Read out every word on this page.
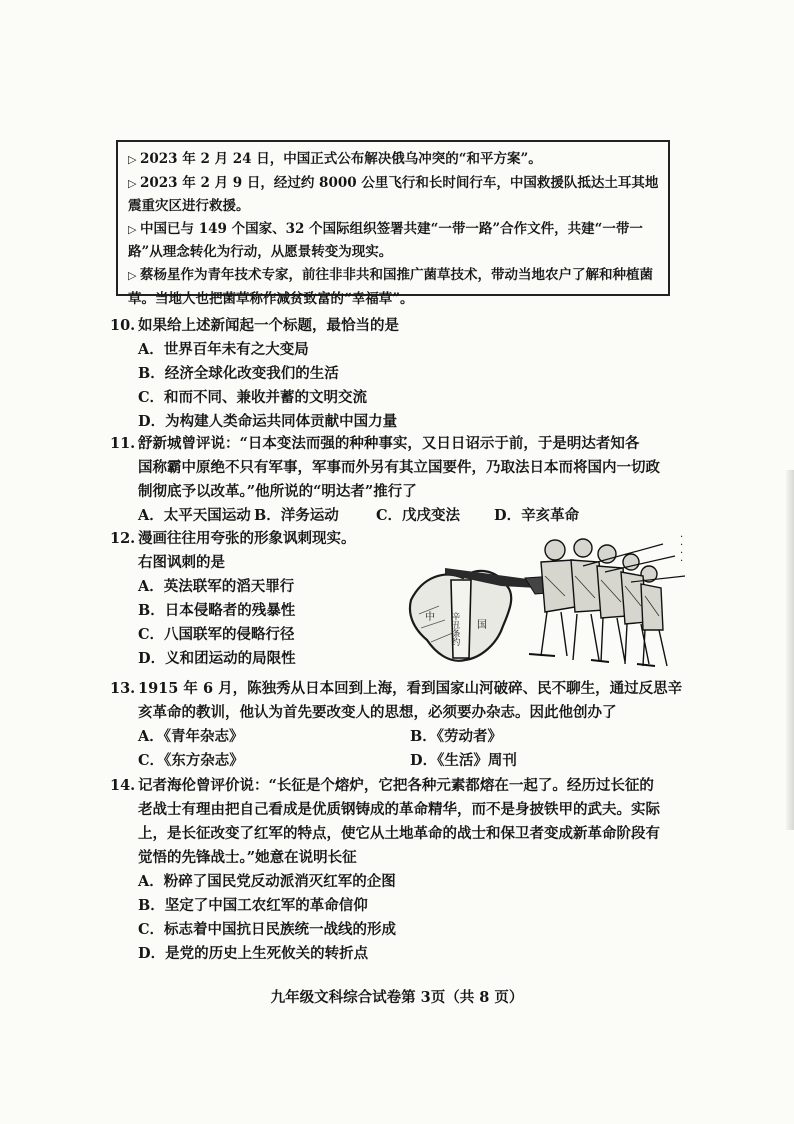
▷ 2023 年 2 月 24 日，中国正式公布解决俄乌冲突的“和平方案”。

▷ 2023 年 2 月 9 日，经过约 8000 公里飞行和长时间行车，中国救援队抵达土耳其地震重灾区进行救援。

▷ 中国已与 149 个国家、32 个国际组织签署共建“一带一路”合作文件，共建“一带一路”从理念转化为行动，从愿景转变为现实。

▷ 蔡杨星作为青年技术专家，前往非非共和国推广菌草技术，带动当地农户了解和种植菌草。当地人也把菌草称作减贫致富的“幸福草”。

10. 如果给上述新闻起一个标题，最恰当的是

A．世界百年未有之大变局

B．经济全球化改变我们的生活

C．和而不同、兼收并蓄的文明交流

D．为构建人类命运共同体贡献中国力量

11. 舒新城曾评说：“日本变法而强的种种事实，又日日诏示于前，于是明达者知各

国称霸中原绝不只有军事，军事而外另有其立国要件，乃取法日本而将国内一切政

制彻底予以改革。”他所说的“明达者”推行了

A．太平天国运动 B．洋务运动	C．戊戌变法	D．辛亥革命

12. 漫画往往用夸张的形象讽刺现实。

右图讽刺的是

A．英法联军的滔天罪行

B．日本侵略者的残暴性

C．八国联军的侵略行径

D．义和团运动的局限性

·
·
·
·
中
国
辛丑条约

13. 1915 年 6 月，陈独秀从日本回到上海，看到国家山河破碎、民不聊生，通过反思辛

亥革命的教训，他认为首先要改变人的思想，必须要办杂志。因此他创办了

A．《青年杂志》	B．《劳动者》
C．《东方杂志》	D．《生活》周刊

14. 记者海伦曾评价说：“长征是个熔炉，它把各种元素都熔在一起了。经历过长征的

老战士有理由把自己看成是优质钢铸成的革命精华，而不是身披铁甲的武夫。实际

上，是长征改变了红军的特点，使它从土地革命的战士和保卫者变成新革命阶段有

觉悟的先锋战士。”她意在说明长征

A．粉碎了国民党反动派消灭红军的企图

B．坚定了中国工农红军的革命信仰

C．标志着中国抗日民族统一战线的形成

D．是党的历史上生死攸关的转折点

九年级文科综合试卷第 3页（共 8 页）
